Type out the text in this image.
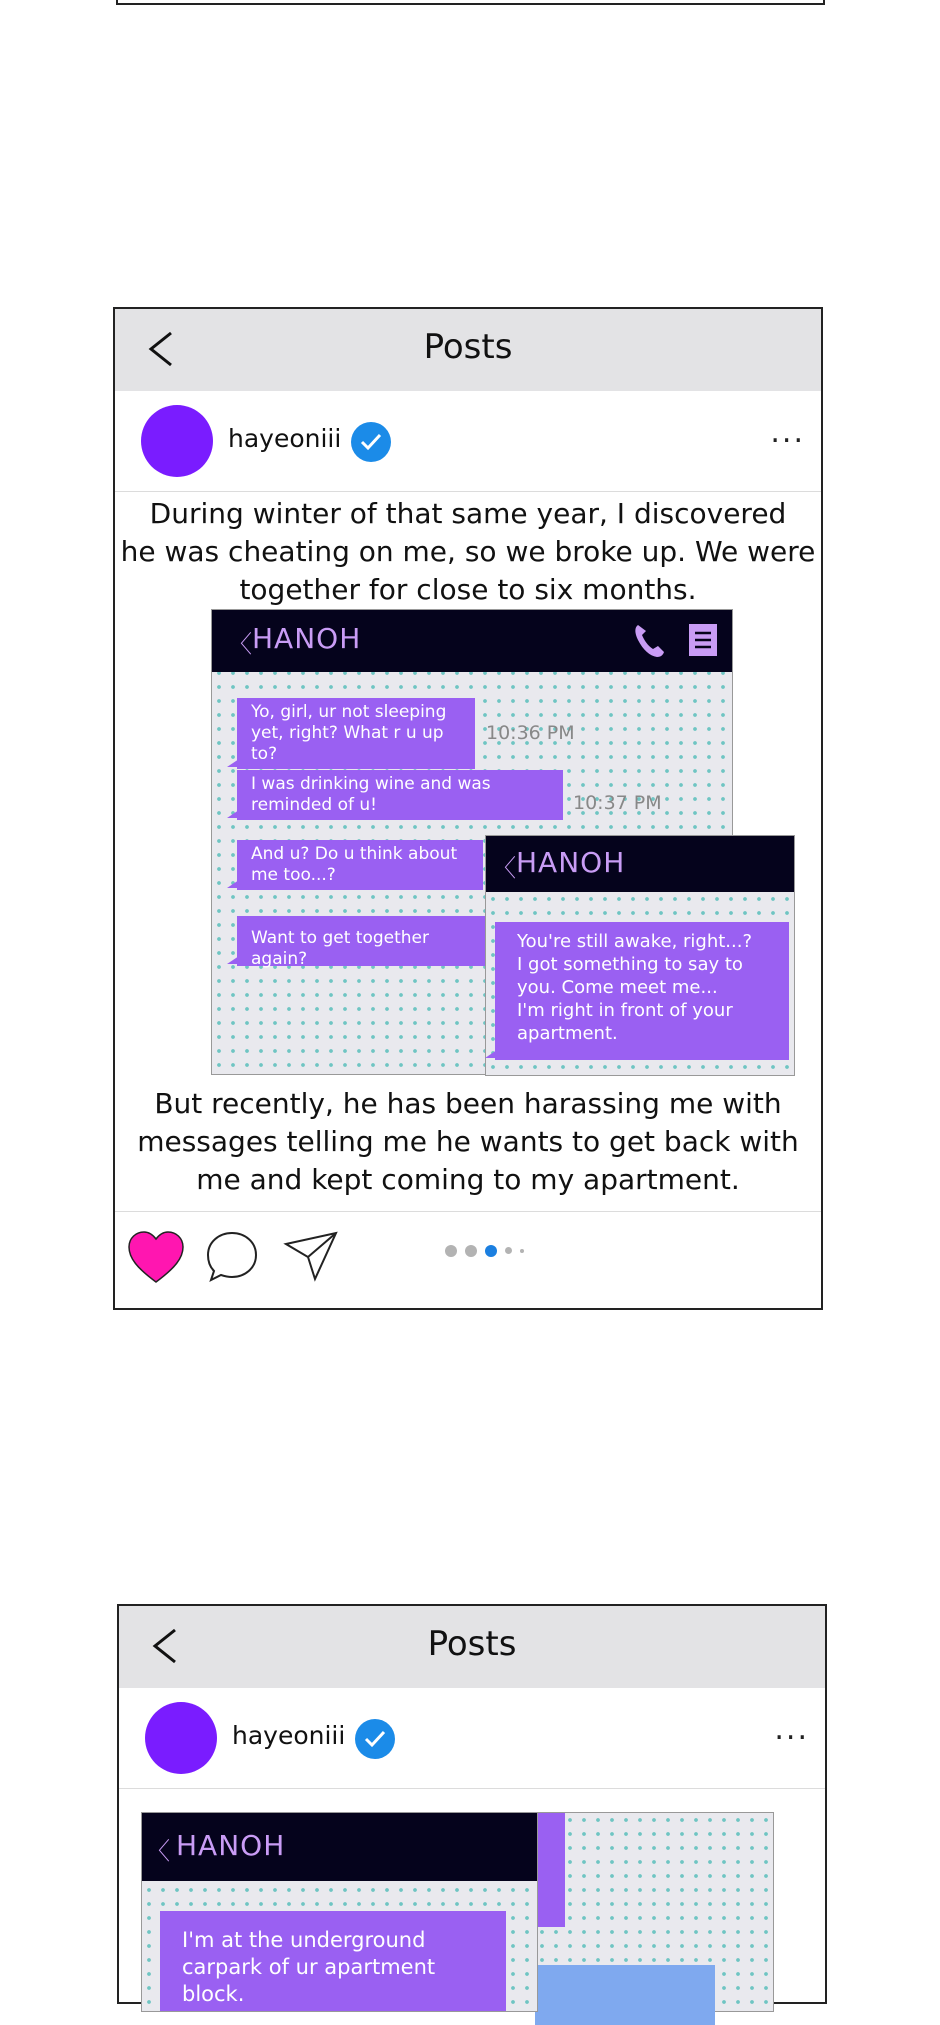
Posts
hayeoniii	...
During winter of that same year, I discovered
he was cheating on me, so we broke up. We were
together for close to six months.
〈 HANOH
Yo, girl, ur not sleeping
yet, right? What r u up to?
10:36 PM
I was drinking wine and was
reminded of u!	10:37 PM
And u? Do u think about
me too...?
Want to get together again?
〈 HANOH
You're still awake, right...?
I got something to say to
you. Come meet me...
I'm right in front of your
apartment.
But recently, he has been harassing me with
messages telling me he wants to get back with
me and kept coming to my apartment.
Posts
hayeoniii	...
〈 HANOH
I'm at the underground
carpark of ur apartment block.
